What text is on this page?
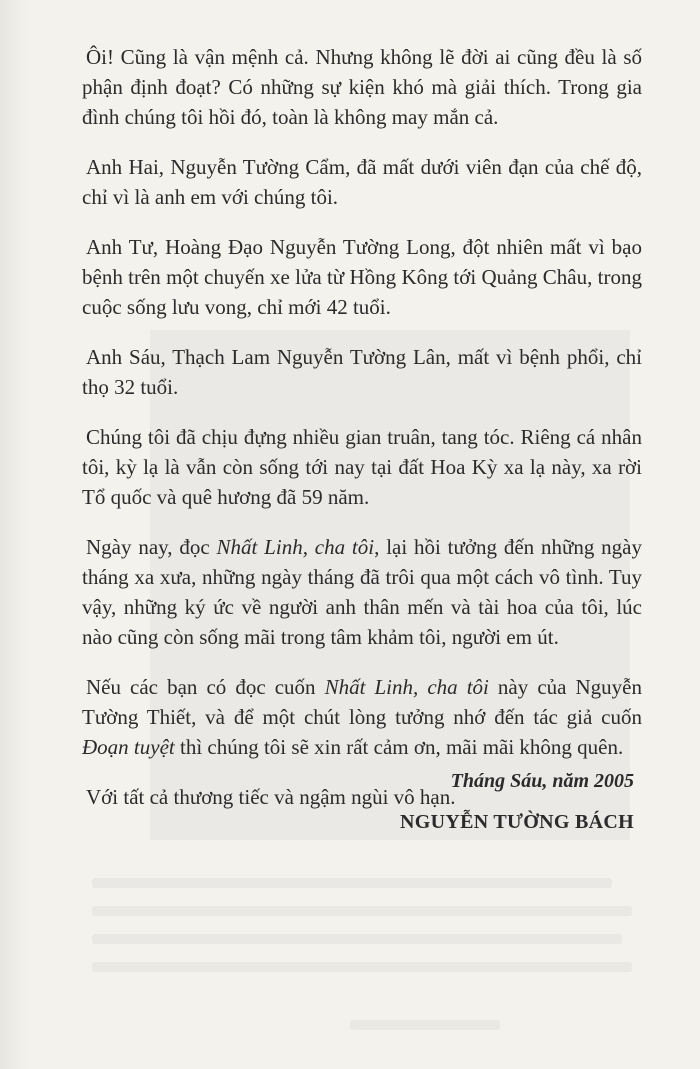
Ôi! Cũng là vận mệnh cả. Nhưng không lẽ đời ai cũng đều là số phận định đoạt? Có những sự kiện khó mà giải thích. Trong gia đình chúng tôi hồi đó, toàn là không may mắn cả.

Anh Hai, Nguyễn Tường Cẩm, đã mất dưới viên đạn của chế độ, chỉ vì là anh em với chúng tôi.

Anh Tư, Hoàng Đạo Nguyễn Tường Long, đột nhiên mất vì bạo bệnh trên một chuyến xe lửa từ Hồng Kông tới Quảng Châu, trong cuộc sống lưu vong, chỉ mới 42 tuổi.

Anh Sáu, Thạch Lam Nguyễn Tường Lân, mất vì bệnh phổi, chỉ thọ 32 tuổi.

Chúng tôi đã chịu đựng nhiều gian truân, tang tóc. Riêng cá nhân tôi, kỳ lạ là vẫn còn sống tới nay tại đất Hoa Kỳ xa lạ này, xa rời Tổ quốc và quê hương đã 59 năm.

Ngày nay, đọc Nhất Linh, cha tôi, lại hồi tưởng đến những ngày tháng xa xưa, những ngày tháng đã trôi qua một cách vô tình. Tuy vậy, những ký ức về người anh thân mến và tài hoa của tôi, lúc nào cũng còn sống mãi trong tâm khảm tôi, người em út.

Nếu các bạn có đọc cuốn Nhất Linh, cha tôi này của Nguyễn Tường Thiết, và để một chút lòng tưởng nhớ đến tác giả cuốn Đoạn tuyệt thì chúng tôi sẽ xin rất cảm ơn, mãi mãi không quên.

Với tất cả thương tiếc và ngậm ngùi vô hạn.

Tháng Sáu, năm 2005
NGUYỄN TƯỜNG BÁCH
